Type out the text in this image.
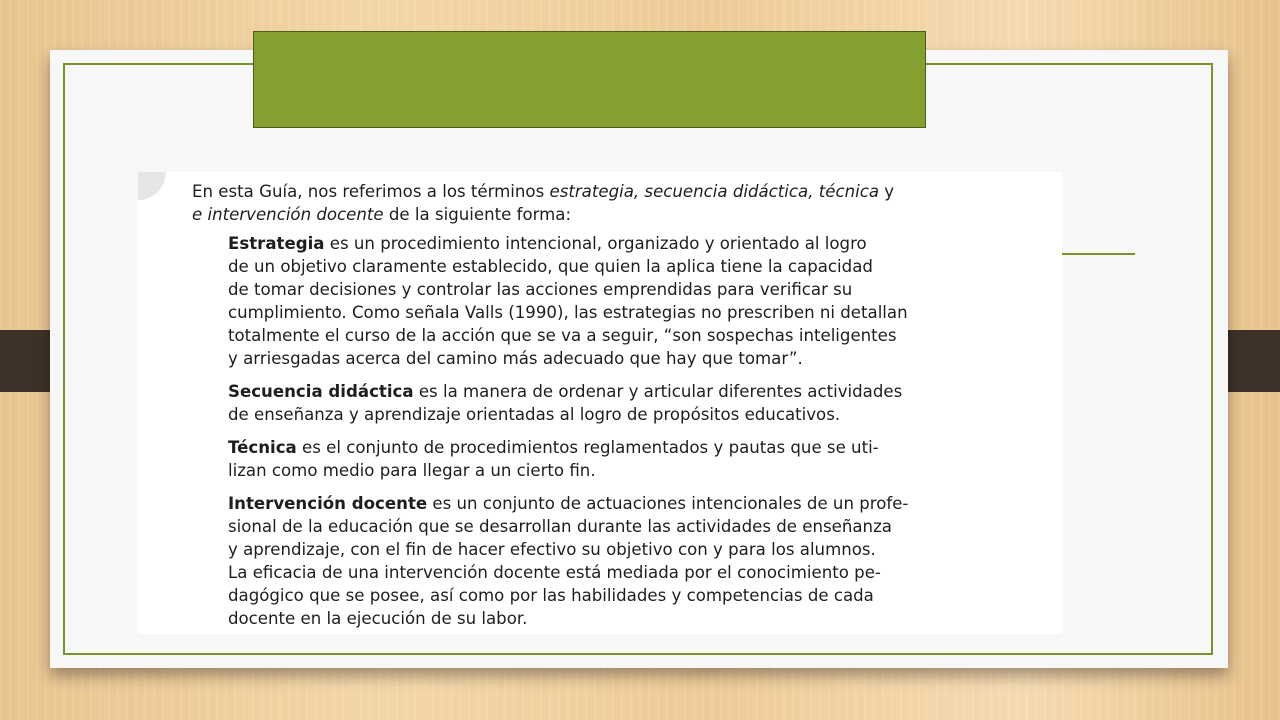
En esta Guía, nos referimos a los términos estrategia, secuencia didáctica, técnica y
e intervención docente de la siguiente forma:

Estrategia es un procedimiento intencional, organizado y orientado al logro
de un objetivo claramente establecido, que quien la aplica tiene la capacidad
de tomar decisiones y controlar las acciones emprendidas para verificar su
cumplimiento. Como señala Valls (1990), las estrategias no prescriben ni detallan
totalmente el curso de la acción que se va a seguir, “son sospechas inteligentes
y arriesgadas acerca del camino más adecuado que hay que tomar”.

Secuencia didáctica es la manera de ordenar y articular diferentes actividades
de enseñanza y aprendizaje orientadas al logro de propósitos educativos.

Técnica es el conjunto de procedimientos reglamentados y pautas que se uti-
lizan como medio para llegar a un cierto fin.

Intervención docente es un conjunto de actuaciones intencionales de un profe-
sional de la educación que se desarrollan durante las actividades de enseñanza
y aprendizaje, con el fin de hacer efectivo su objetivo con y para los alumnos.
La eficacia de una intervención docente está mediada por el conocimiento pe-
dagógico que se posee, así como por las habilidades y competencias de cada
docente en la ejecución de su labor.
